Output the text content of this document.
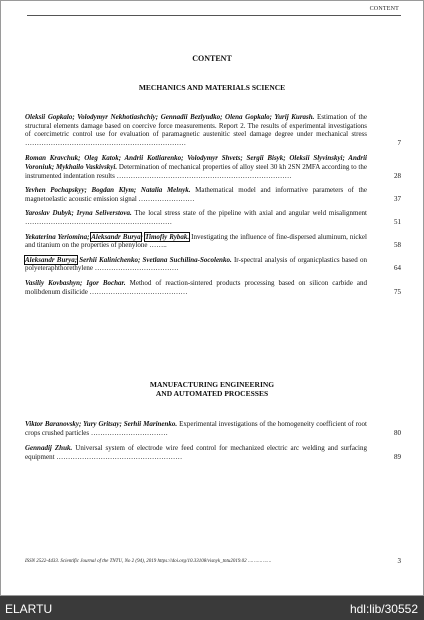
CONTENT
CONTENT
MECHANICS AND MATERIALS SCIENCE
Oleksii Gopkalo; Volodymyr Nekhotiashchiy; Gennadii Bezlyudko; Olena Gopkalo; Yurij Kurash. Estimation of the structural elements damage based on coercive force measurements. Report 2. The results of experimental investigations of coercimetric control use for evaluation of paramagnetic austenitic steel damage degree under mechanical stress ……………………………………………………………	7
Roman Kravchuk; Oleg Katok; Andrii Kotliarenko; Volodymyr Shvets; Sergii Bisyk; Oleksii Slyvinskyi; Andrii Voroniuk; Mykhailo Vaskivskyi. Determination of mechanical properties of alloy steel 30 kh 2SN 2MFA according to the instrumented indentation results …………………………………………………………………	28
Yevhen Pochapskyy; Bogdan Klym; Natalia Melnyk. Mathematical model and informative parameters of the magnetoelastic acoustic emission signal ……………………	37
Yaroslav Dubyk; Iryna Seliverstova. The local stress state of the pipeline with axial and angular weld misalignment ………………………………………………………	51
Yekaterina Yeriomina; Aleksandr Burya; Timofiy Rybak. Investigating the influence of fine-dispersed aluminum, nickel and titanium on the properties of phenylone ……..	58
Aleksandr Burya; Serhii Kalinichenko; Svetlana Suchilina-Socolenko. Ir-spectral analysis of organicplastics based on polyeteraphthorethylene ………………………………	64
Vasiliy Kovbashyn; Igor Bochar. Method of reaction-sintered products processing based on silicon carbide and molibdenum disilicide ……………………………………	75
MANUFACTURING ENGINEERING
AND AUTOMATED PROCESSES
Viktor Baranovsky; Yury Gritsay; Serhii Marinenko. Experimental investigations of the homogeneity coefficient of root crops crushed particles ……………………………	80
Gennadij Zhuk. Universal system of electrode wire feed control for mechanized electric arc welding and surfacing equipment ………………………………………………	89
ISSN 2522-4433. Scientific Journal of the TNTU, No 2 (94), 2019 https://doi.org/10.33108/visnyk_tntu2019.02 …………….	3
ELARTU	hdl:lib/30552
